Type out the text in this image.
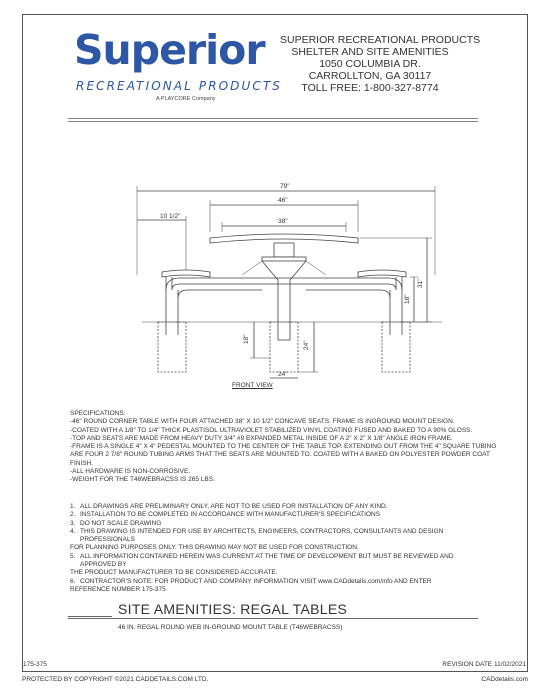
Superior
RECREATIONAL PRODUCTS
A PLAYCORE Company
SUPERIOR RECREATIONAL PRODUCTS
SHELTER AND SITE AMENITIES
1050 COLUMBIA DR.
CARROLLTON, GA 30117
TOLL FREE: 1-800-327-8774
79"
46"
38"
10 1/2"
31"
18"
18"
24"
24"
FRONT VIEW
SPECIFICATIONS:
-46" ROUND CORNER TABLE WITH FOUR ATTACHED 38" X 10 1/2" CONCAVE SEATS. FRAME IS INGROUND MOUNT DESIGN.
-COATED WITH A 1/8" TO 1/4" THICK PLASTISOL ULTRAVIOLET STABILIZED VINYL COATING FUSED AND BAKED TO A 90% GLOSS.
-TOP AND SEATS ARE MADE FROM HEAVY DUTY 3/4" #9 EXPANDED METAL INSIDE OF A 2" X 2" X 1/8" ANGLE IRON FRAME.
-FRAME IS A SINGLE 4" X 4" PEDESTAL MOUNTED TO THE CENTER OF THE TABLE TOP. EXTENDING OUT FROM THE 4" SQUARE TUBING
ARE FOUR 2 7/8" ROUND TUBING ARMS THAT THE SEATS ARE MOUNTED TO. COATED WITH A BAKED ON POLYESTER POWDER COAT
FINISH.
-ALL HARDWARE IS NON-CORROSIVE.
-WEIGHT FOR THE T46WEBRACSS IS 265 LBS.
1. ALL DRAWINGS ARE PRELIMINARY ONLY, ARE NOT TO BE USED FOR INSTALLATION OF ANY KIND.
2. INSTALLATION TO BE COMPLETED IN ACCORDANCE WITH MANUFACTURER'S SPECIFICATIONS
3. DO NOT SCALE DRAWING
4. THIS DRAWING IS INTENDED FOR USE BY ARCHITECTS, ENGINEERS, CONTRACTORS, CONSULTANTS AND DESIGN PROFESSIONALS
FOR PLANNING PURPOSES ONLY. THIS DRAWING MAY NOT BE USED FOR CONSTRUCTION.
5. ALL INFORMATION CONTAINED HEREIN WAS CURRENT AT THE TIME OF DEVELOPMENT BUT MUST BE REVIEWED AND APPROVED BY
THE PRODUCT MANUFACTURER TO BE CONSIDERED ACCURATE.
6. CONTRACTOR'S NOTE: FOR PRODUCT AND COMPANY INFORMATION VISIT www.CADdetails.com/info AND ENTER
REFERENCE NUMBER 175-375
SITE AMENITIES: REGAL TABLES
46 IN. REGAL ROUND WEB IN-GROUND MOUNT TABLE (T46WEBRACSS)
175-375	REVISION DATE 11/02/2021
PROTECTED BY COPYRIGHT ©2021 CADDETAILS.COM LTD.	CADdetails.com
